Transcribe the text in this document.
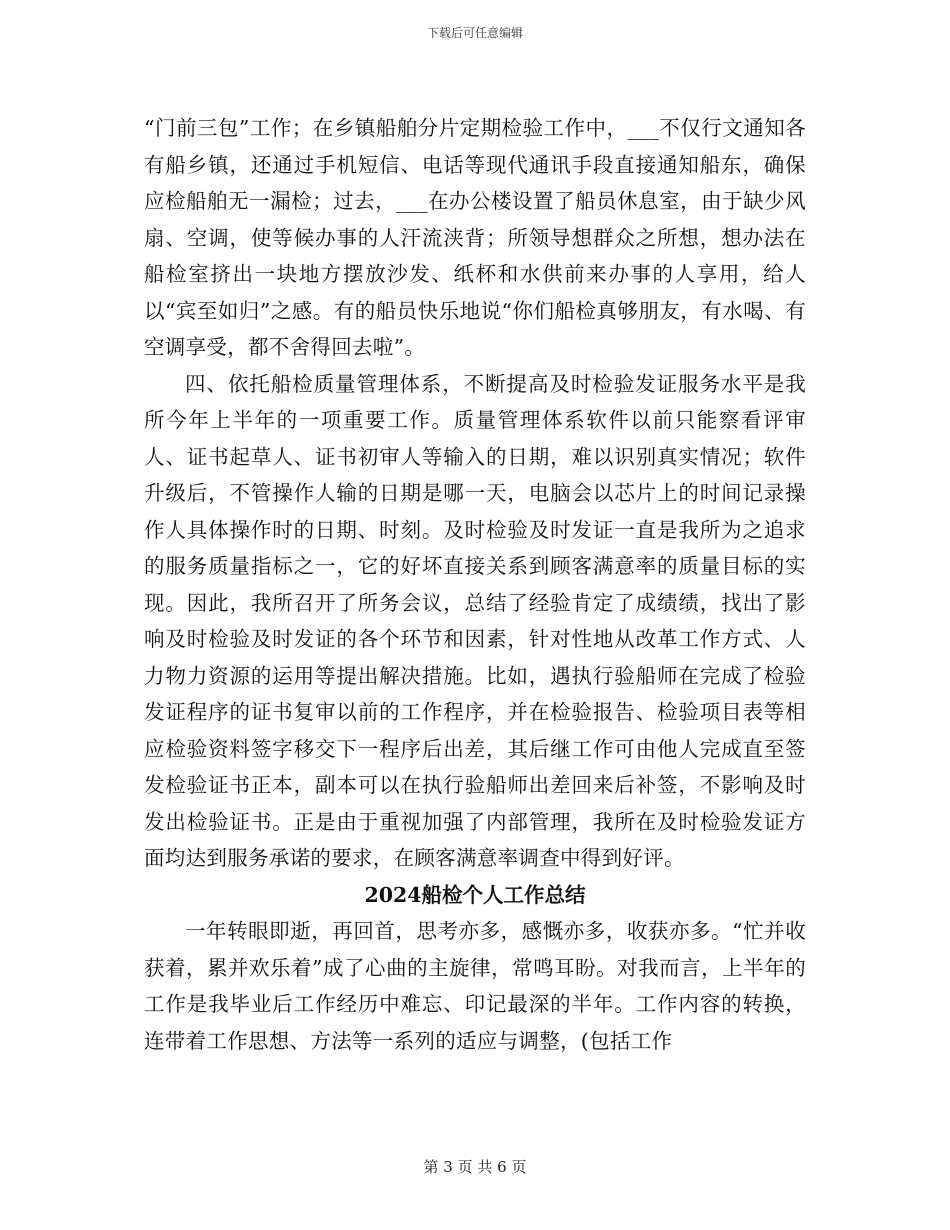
下载后可任意编辑

“门前三包”工作；在乡镇船舶分片定期检验工作中，___不仅行文通知各有船乡镇，还通过手机短信、电话等现代通讯手段直接通知船东，确保应检船舶无一漏检；过去，___在办公楼设置了船员休息室，由于缺少风扇、空调，使等候办事的人汗流浃背；所领导想群众之所想，想办法在船检室挤出一块地方摆放沙发、纸杯和水供前来办事的人享用，给人以“宾至如归”之感。有的船员快乐地说“你们船检真够朋友，有水喝、有空调享受，都不舍得回去啦”。

四、依托船检质量管理体系，不断提高及时检验发证服务水平是我所今年上半年的一项重要工作。质量管理体系软件以前只能察看评审人、证书起草人、证书初审人等输入的日期，难以识别真实情况；软件升级后，不管操作人输的日期是哪一天，电脑会以芯片上的时间记录操作人具体操作时的日期、时刻。及时检验及时发证一直是我所为之追求的服务质量指标之一，它的好坏直接关系到顾客满意率的质量目标的实现。因此，我所召开了所务会议，总结了经验肯定了成绩绩，找出了影响及时检验及时发证的各个环节和因素，针对性地从改革工作方式、人力物力资源的运用等提出解决措施。比如，遇执行验船师在完成了检验发证程序的证书复审以前的工作程序，并在检验报告、检验项目表等相应检验资料签字移交下一程序后出差，其后继工作可由他人完成直至签发检验证书正本，副本可以在执行验船师出差回来后补签，不影响及时发出检验证书。正是由于重视加强了内部管理，我所在及时检验发证方面均达到服务承诺的要求，在顾客满意率调查中得到好评。

2024船检个人工作总结

一年转眼即逝，再回首，思考亦多，感慨亦多，收获亦多。“忙并收获着，累并欢乐着”成了心曲的主旋律，常鸣耳盼。对我而言，上半年的工作是我毕业后工作经历中难忘、印记最深的半年。工作内容的转换，连带着工作思想、方法等一系列的适应与调整，(包括工作

第 3 页 共 6 页
